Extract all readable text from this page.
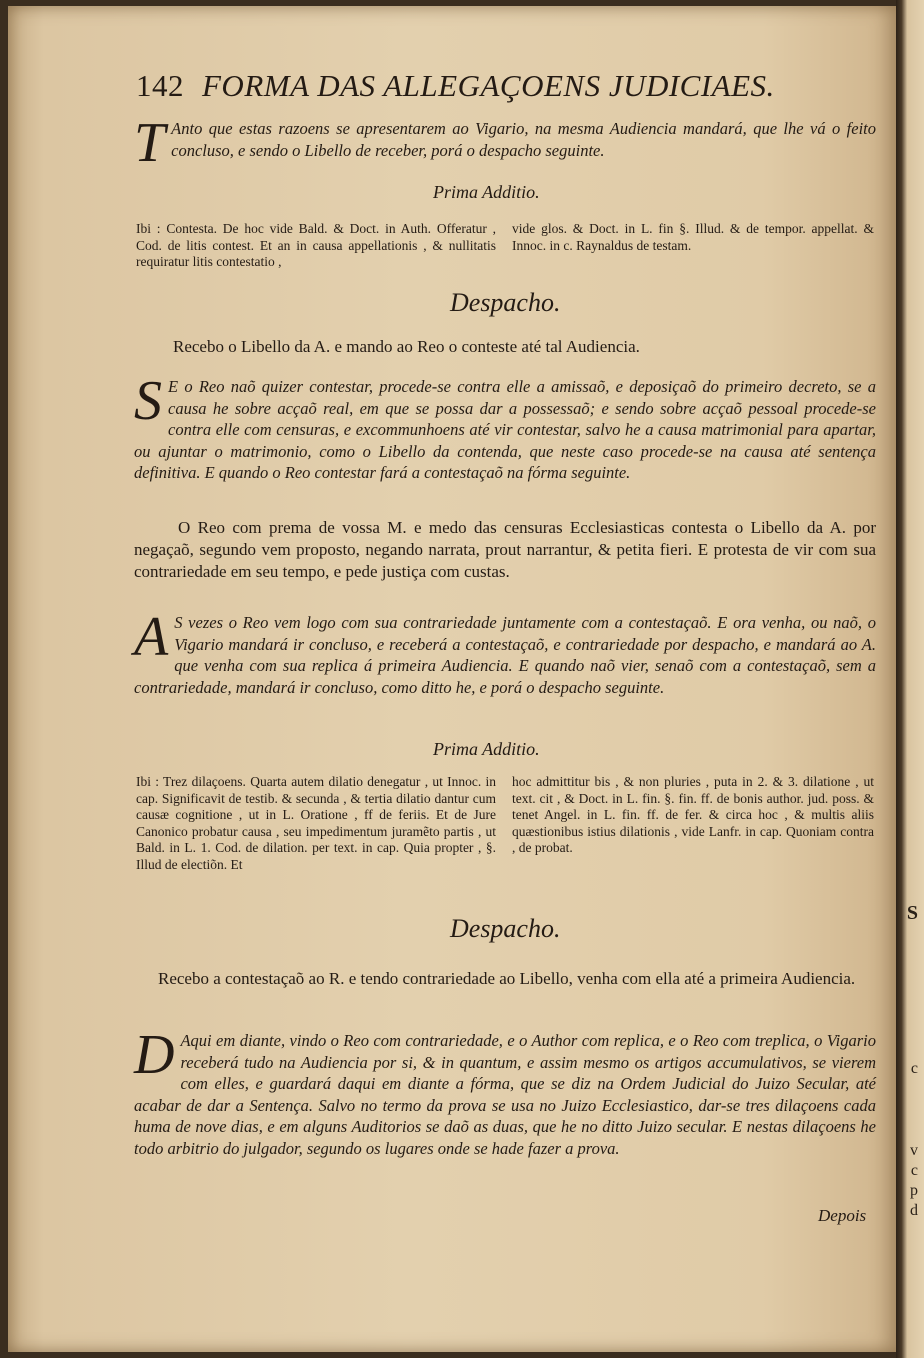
142 FORMA DAS ALLEGAÇOENS JUDICIAES.
T Anto que estas razoens se apresentarem ao Vigario, na mesma Audiencia mandará, que lhe vá o feito concluso, e sendo o Libello de receber, porá o despacho seguinte.
Prima Additio.
Ibi : Contesta. De hoc vide Bald. & Doct. in Auth. Offeratur , Cod. de litis contest. Et an in causa appellationis , & nullitatis requiratur litis contestatio ,
vide glos. & Doct. in L. fin §. Illud. & de tempor. appellat. & Innoc. in c. Raynaldus de testam.
Despacho.
Recebo o Libello da A. e mando ao Reo o conteste até tal Audiencia.
S E o Reo naõ quizer contestar, procede-se contra elle a amissaõ, e deposiçaõ do primeiro decreto, se a causa he sobre acçaõ real, em que se possa dar a possessaõ; e sendo sobre acçaõ pessoal procede-se contra elle com censuras, e excommunhoens até vir contestar, salvo he a causa matrimonial para apartar, ou ajuntar o matrimonio, como o Libello da contenda, que neste caso procede-se na causa até sentença definitiva. E quando o Reo contestar fará a contestaçaõ na fórma seguinte.
O Reo com prema de vossa M. e medo das censuras Ecclesiasticas contesta o Libello da A. por negaçaõ, segundo vem proposto, negando narrata, prout narrantur, & petita fieri. E protesta de vir com sua contrariedade em seu tempo, e pede justiça com custas.
A S vezes o Reo vem logo com sua contrariedade juntamente com a contestaçaõ. E ora venha, ou naõ, o Vigario mandará ir concluso, e receberá a contestaçaõ, e contrariedade por despacho, e mandará ao A. que venha com sua replica á primeira Audiencia. E quando naõ vier, senaõ com a contestaçaõ, sem a contrariedade, mandará ir concluso, como ditto he, e porá o despacho seguinte.
Prima Additio.
Ibi : Trez dilaçoens. Quarta autem dilatio denegatur , ut Innoc. in cap. Significavit de testib. & secunda , & tertia dilatio dantur cum causæ cognitione , ut in L. Oratione , ff de feriis. Et de Jure Canonico probatur causa , seu impedimentum juramẽto partis , ut Bald. in L. 1. Cod. de dilation. per text. in cap. Quia propter , §. Illud de electiõn. Et
hoc admittitur bis , & non pluries , puta in 2. & 3. dilatione , ut text. cit , & Doct. in L. fin. §. fin. ff. de bonis author. jud. poss. & tenet Angel. in L. fin. ff. de fer. & circa hoc , & multis aliis quæstionibus istius dilationis , vide Lanfr. in cap. Quoniam contra , de probat.
Despacho.
Recebo a contestaçaõ ao R. e tendo contrariedade ao Libello, venha com ella até a primeira Audiencia.
D Aqui em diante, vindo o Reo com contrariedade, e o Author com replica, e o Reo com treplica, o Vigario receberá tudo na Audiencia por si, & in quantum, e assim mesmo os artigos accumulativos, se vierem com elles, e guardará daqui em diante a fórma, que se diz na Ordem Judicial do Juizo Secular, até acabar de dar a Sentença. Salvo no termo da prova se usa no Juizo Ecclesiastico, dar-se tres dilaçoens cada huma de nove dias, e em alguns Auditorios se daõ as duas, que he no ditto Juizo secular. E nestas dilaçoens he todo arbitrio do julgador, segundo os lugares onde se hade fazer a prova.
Depois
S
c
v
c
p
d
